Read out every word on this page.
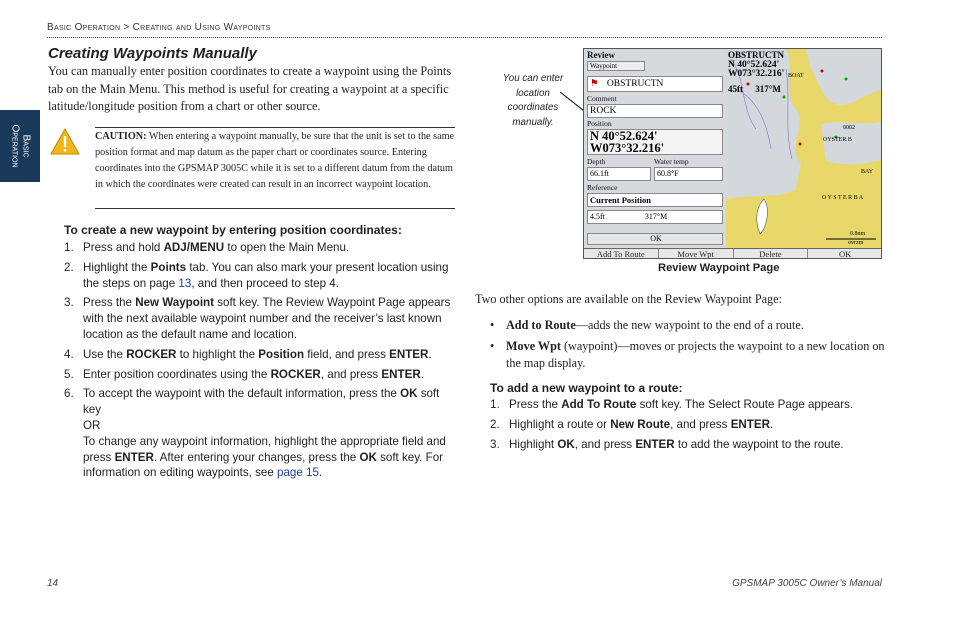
Basic Operation > Creating and Using Waypoints
Basic
Operation
Creating Waypoints Manually
You can manually enter position coordinates to create a waypoint using the Points tab on the Main Menu. This method is useful for creating a waypoint at a specific latitude/longitude position from a chart or other source.
CAUTION: When entering a waypoint manually, be sure that the unit is set to the same position format and map datum as the paper chart or coordinates source. Entering coordinates into the GPSMAP 3005C while it is set to a different datum from the datum in which the coordinates were created can result in an incorrect waypoint location.
To create a new waypoint by entering position coordinates:
1. Press and hold ADJ/MENU to open the Main Menu.
2. Highlight the Points tab. You can also mark your present location using the steps on page 13, and then proceed to step 4.
3. Press the New Waypoint soft key. The Review Waypoint Page appears with the next available waypoint number and the receiver’s last known location as the default name and location.
4. Use the ROCKER to highlight the Position field, and press ENTER.
5. Enter position coordinates using the ROCKER, and press ENTER.
6. To accept the waypoint with the default information, press the OK soft key
OR
To change any waypoint information, highlight the appropriate field and press ENTER. After entering your changes, press the OK soft key. For information on editing waypoints, see page 15.
You can enter location coordinates manually.
Review
Waypoint
⚑ OBSTRUCTN
Comment
ROCK
Position
N 40°52.624'
W073°32.216'
Depth	Water temp
66.1ft	60.8°F
Reference
Current Position
4.5ft	317°M
OK
OBSTRUCTN
N 40°52.624'
W073°32.216'
45ft 317°M
BOAT
OYSTER B
0002
BAY
O Y S T E R B A
0.8nm
ovrzm
Add To Route	Move Wpt	Delete	OK
Review Waypoint Page
Two other options are available on the Review Waypoint Page:
• Add to Route—adds the new waypoint to the end of a route.
• Move Wpt (waypoint)—moves or projects the waypoint to a new location on the map display.
To add a new waypoint to a route:
1. Press the Add To Route soft key. The Select Route Page appears.
2. Highlight a route or New Route, and press ENTER.
3. Highlight OK, and press ENTER to add the waypoint to the route.
14	GPSMAP 3005C Owner’s Manual
